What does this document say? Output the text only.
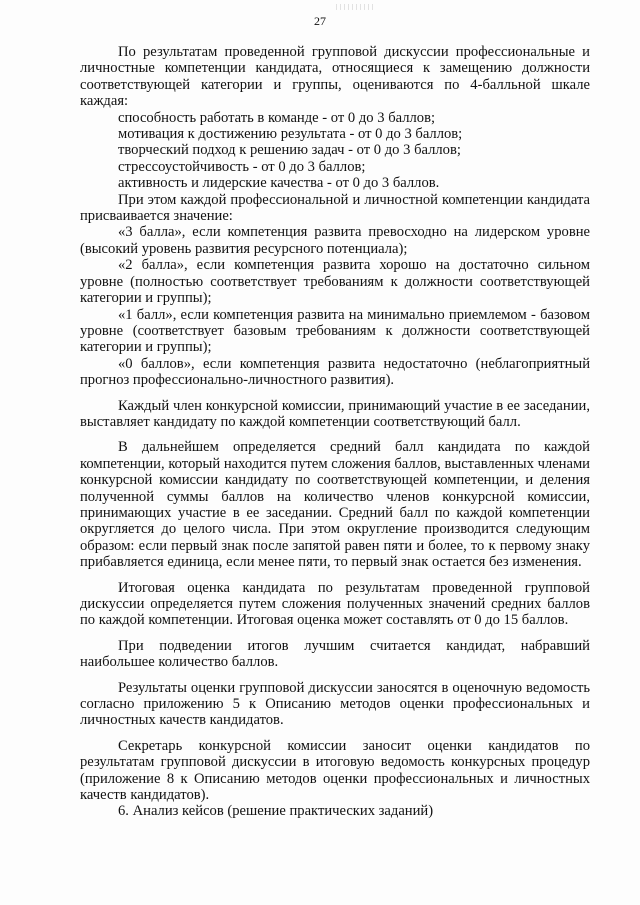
27

По результатам проведенной групповой дискуссии профессиональные и личностные компетенции кандидата, относящиеся к замещению должности соответствующей категории и группы, оцениваются по 4-балльной шкале каждая:

способность работать в команде - от 0 до 3 баллов;
мотивация к достижению результата - от 0 до 3 баллов;
творческий подход к решению задач - от 0 до 3 баллов;
стрессоустойчивость - от 0 до 3 баллов;
активность и лидерские качества - от 0 до 3 баллов.

При этом каждой профессиональной и личностной компетенции кандидата присваивается значение:

«3 балла», если компетенция развита превосходно на лидерском уровне (высокий уровень развития ресурсного потенциала);

«2 балла», если компетенция развита хорошо на достаточно сильном уровне (полностью соответствует требованиям к должности соответствующей категории и группы);

«1 балл», если компетенция развита на минимально приемлемом - базовом уровне (соответствует базовым требованиям к должности соответствующей категории и группы);

«0 баллов», если компетенция развита недостаточно (неблагоприятный прогноз профессионально-личностного развития).

Каждый член конкурсной комиссии, принимающий участие в ее заседании, выставляет кандидату по каждой компетенции соответствующий балл.

В дальнейшем определяется средний балл кандидата по каждой компетенции, который находится путем сложения баллов, выставленных членами конкурсной комиссии кандидату по соответствующей компетенции, и деления полученной суммы баллов на количество членов конкурсной комиссии, принимающих участие в ее заседании. Средний балл по каждой компетенции округляется до целого числа. При этом округление производится следующим образом: если первый знак после запятой равен пяти и более, то к первому знаку прибавляется единица, если менее пяти, то первый знак остается без изменения.

Итоговая оценка кандидата по результатам проведенной групповой дискуссии определяется путем сложения полученных значений средних баллов по каждой компетенции. Итоговая оценка может составлять от 0 до 15 баллов.

При подведении итогов лучшим считается кандидат, набравший наибольшее количество баллов.

Результаты оценки групповой дискуссии заносятся в оценочную ведомость согласно приложению 5 к Описанию методов оценки профессиональных и личностных качеств кандидатов.

Секретарь конкурсной комиссии заносит оценки кандидатов по результатам групповой дискуссии в итоговую ведомость конкурсных процедур (приложение 8 к Описанию методов оценки профессиональных и личностных качеств кандидатов).

6. Анализ кейсов (решение практических заданий)
